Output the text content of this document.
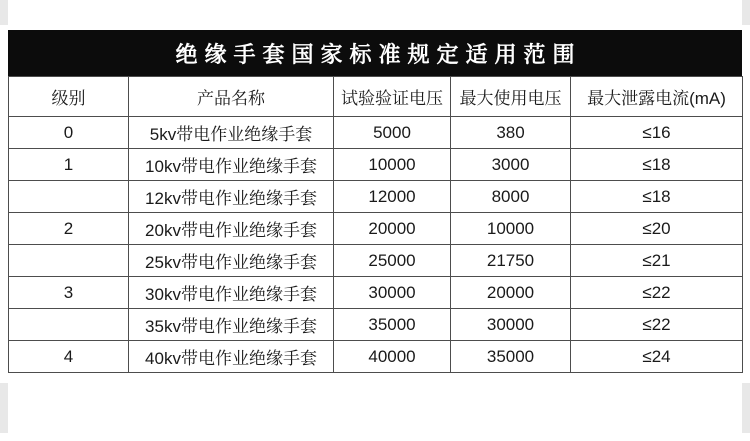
绝缘手套国家标准规定适用范围
级别	产品名称	试验验证电压	最大使用电压	最大泄露电流(mA)
0	5kv带电作业绝缘手套	5000	380	≤16
1	10kv带电作业绝缘手套	10000	3000	≤18
	12kv带电作业绝缘手套	12000	8000	≤18
2	20kv带电作业绝缘手套	20000	10000	≤20
	25kv带电作业绝缘手套	25000	21750	≤21
3	30kv带电作业绝缘手套	30000	20000	≤22
	35kv带电作业绝缘手套	35000	30000	≤22
4	40kv带电作业绝缘手套	40000	35000	≤24
